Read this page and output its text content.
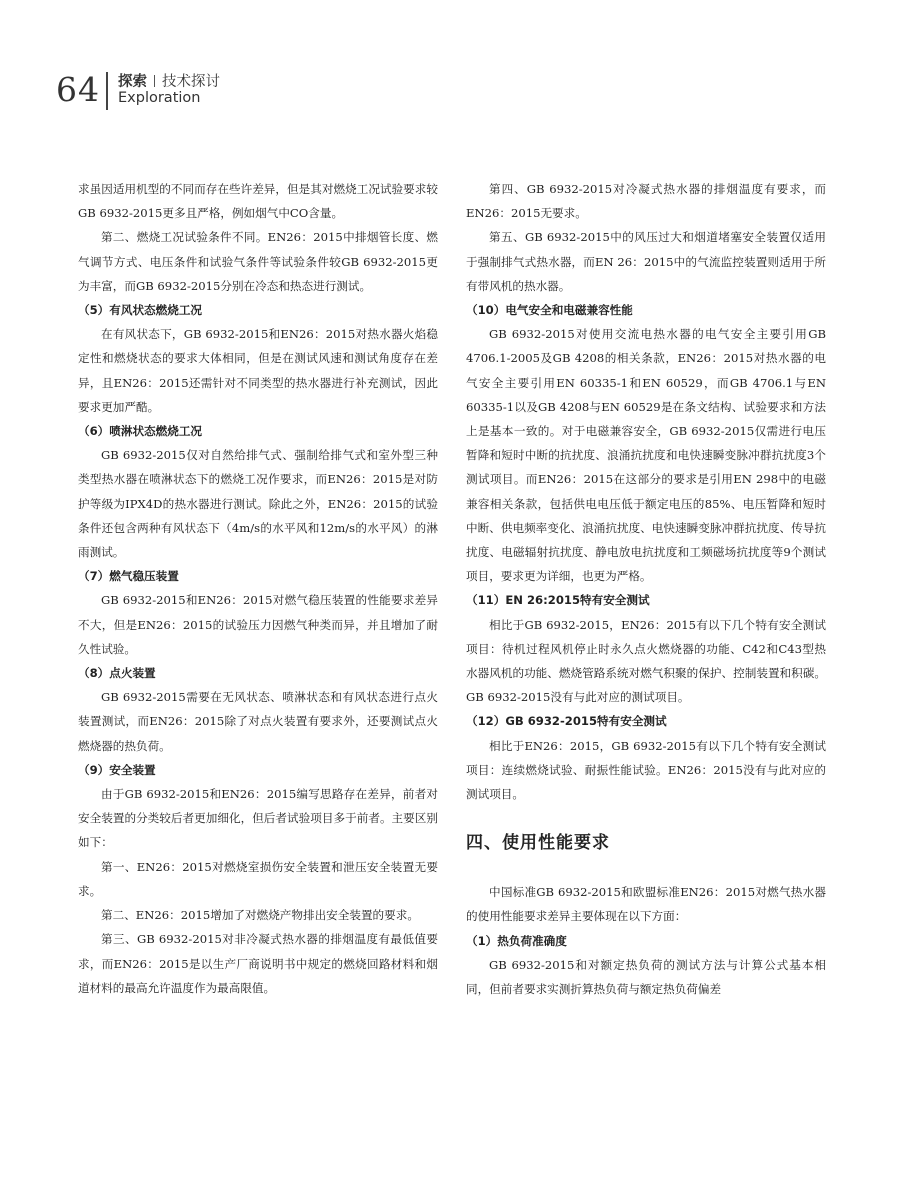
64 探索 技术探讨
Exploration

求虽因适用机型的不同而存在些许差异，但是其对燃烧工况试验要求较GB 6932-2015更多且严格，例如烟气中CO含量。

第二、燃烧工况试验条件不同。EN26：2015中排烟管长度、燃气调节方式、电压条件和试验气条件等试验条件较GB 6932-2015更为丰富，而GB 6932-2015分别在冷态和热态进行测试。

（5）有风状态燃烧工况

在有风状态下，GB 6932-2015和EN26：2015对热水器火焰稳定性和燃烧状态的要求大体相同，但是在测试风速和测试角度存在差异，且EN26：2015还需针对不同类型的热水器进行补充测试，因此要求更加严酷。

（6）喷淋状态燃烧工况

GB 6932-2015仅对自然给排气式、强制给排气式和室外型三种类型热水器在喷淋状态下的燃烧工况作要求，而EN26：2015是对防护等级为IPX4D的热水器进行测试。除此之外，EN26：2015的试验条件还包含两种有风状态下（4m/s的水平风和12m/s的水平风）的淋雨测试。

（7）燃气稳压装置

GB 6932-2015和EN26：2015对燃气稳压装置的性能要求差异不大，但是EN26：2015的试验压力因燃气种类而异，并且增加了耐久性试验。

（8）点火装置

GB 6932-2015需要在无风状态、喷淋状态和有风状态进行点火装置测试，而EN26：2015除了对点火装置有要求外，还要测试点火燃烧器的热负荷。

（9）安全装置

由于GB 6932-2015和EN26：2015编写思路存在差异，前者对安全装置的分类较后者更加细化，但后者试验项目多于前者。主要区别如下：

第一、EN26：2015对燃烧室损伤安全装置和泄压安全装置无要求。

第二、EN26：2015增加了对燃烧产物排出安全装置的要求。

第三、GB 6932-2015对非冷凝式热水器的排烟温度有最低值要求，而EN26：2015是以生产厂商说明书中规定的燃烧回路材料和烟道材料的最高允许温度作为最高限值。

第四、GB 6932-2015对冷凝式热水器的排烟温度有要求，而EN26：2015无要求。

第五、GB 6932-2015中的风压过大和烟道堵塞安全装置仅适用于强制排气式热水器，而EN 26：2015中的气流监控装置则适用于所有带风机的热水器。

（10）电气安全和电磁兼容性能

GB 6932-2015对使用交流电热水器的电气安全主要引用GB 4706.1-2005及GB 4208的相关条款，EN26：2015对热水器的电气安全主要引用EN 60335-1和EN 60529，而GB 4706.1与EN 60335-1以及GB 4208与EN 60529是在条文结构、试验要求和方法上是基本一致的。对于电磁兼容安全，GB 6932-2015仅需进行电压暂降和短时中断的抗扰度、浪涌抗扰度和电快速瞬变脉冲群抗扰度3个测试项目。而EN26：2015在这部分的要求是引用EN 298中的电磁兼容相关条款，包括供电电压低于额定电压的85%、电压暂降和短时中断、供电频率变化、浪涌抗扰度、电快速瞬变脉冲群抗扰度、传导抗扰度、电磁辐射抗扰度、静电放电抗扰度和工频磁场抗扰度等9个测试项目，要求更为详细，也更为严格。

（11）EN 26:2015特有安全测试

相比于GB 6932-2015，EN26：2015有以下几个特有安全测试项目：待机过程风机停止时永久点火燃烧器的功能、C42和C43型热水器风机的功能、燃烧管路系统对燃气积聚的保护、控制装置和积碳。GB 6932-2015没有与此对应的测试项目。

（12）GB 6932-2015特有安全测试

相比于EN26：2015，GB 6932-2015有以下几个特有安全测试项目：连续燃烧试验、耐振性能试验。EN26：2015没有与此对应的测试项目。

四、使用性能要求

中国标准GB 6932-2015和欧盟标准EN26：2015对燃气热水器的使用性能要求差异主要体现在以下方面：

（1）热负荷准确度

GB 6932-2015和对额定热负荷的测试方法与计算公式基本相同，但前者要求实测折算热负荷与额定热负荷偏差
